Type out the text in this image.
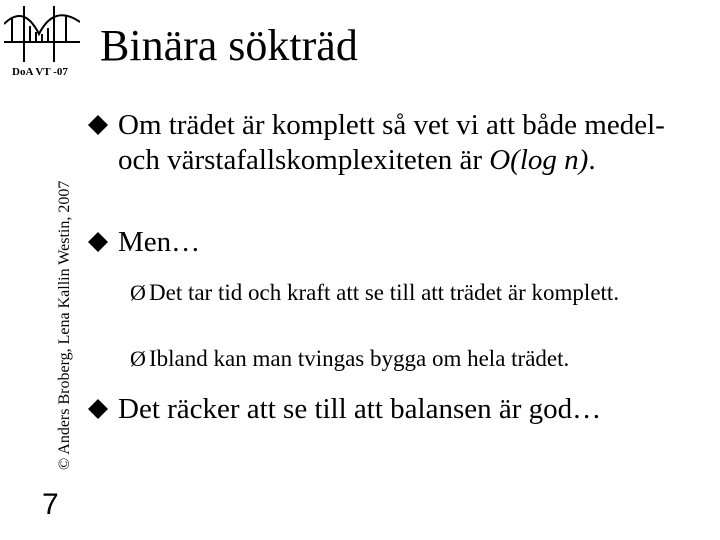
DoA VT -07
Binära sökträd
© Anders Broberg, Lena Kallin Westin, 2007
7
Om trädet är komplett så vet vi att både medel- och värstafallskomplexiteten är O(log n).
Men…
Ø Det tar tid och kraft att se till att trädet är komplett.
Ø Ibland kan man tvingas bygga om hela trädet.
Det räcker att se till att balansen är god…
